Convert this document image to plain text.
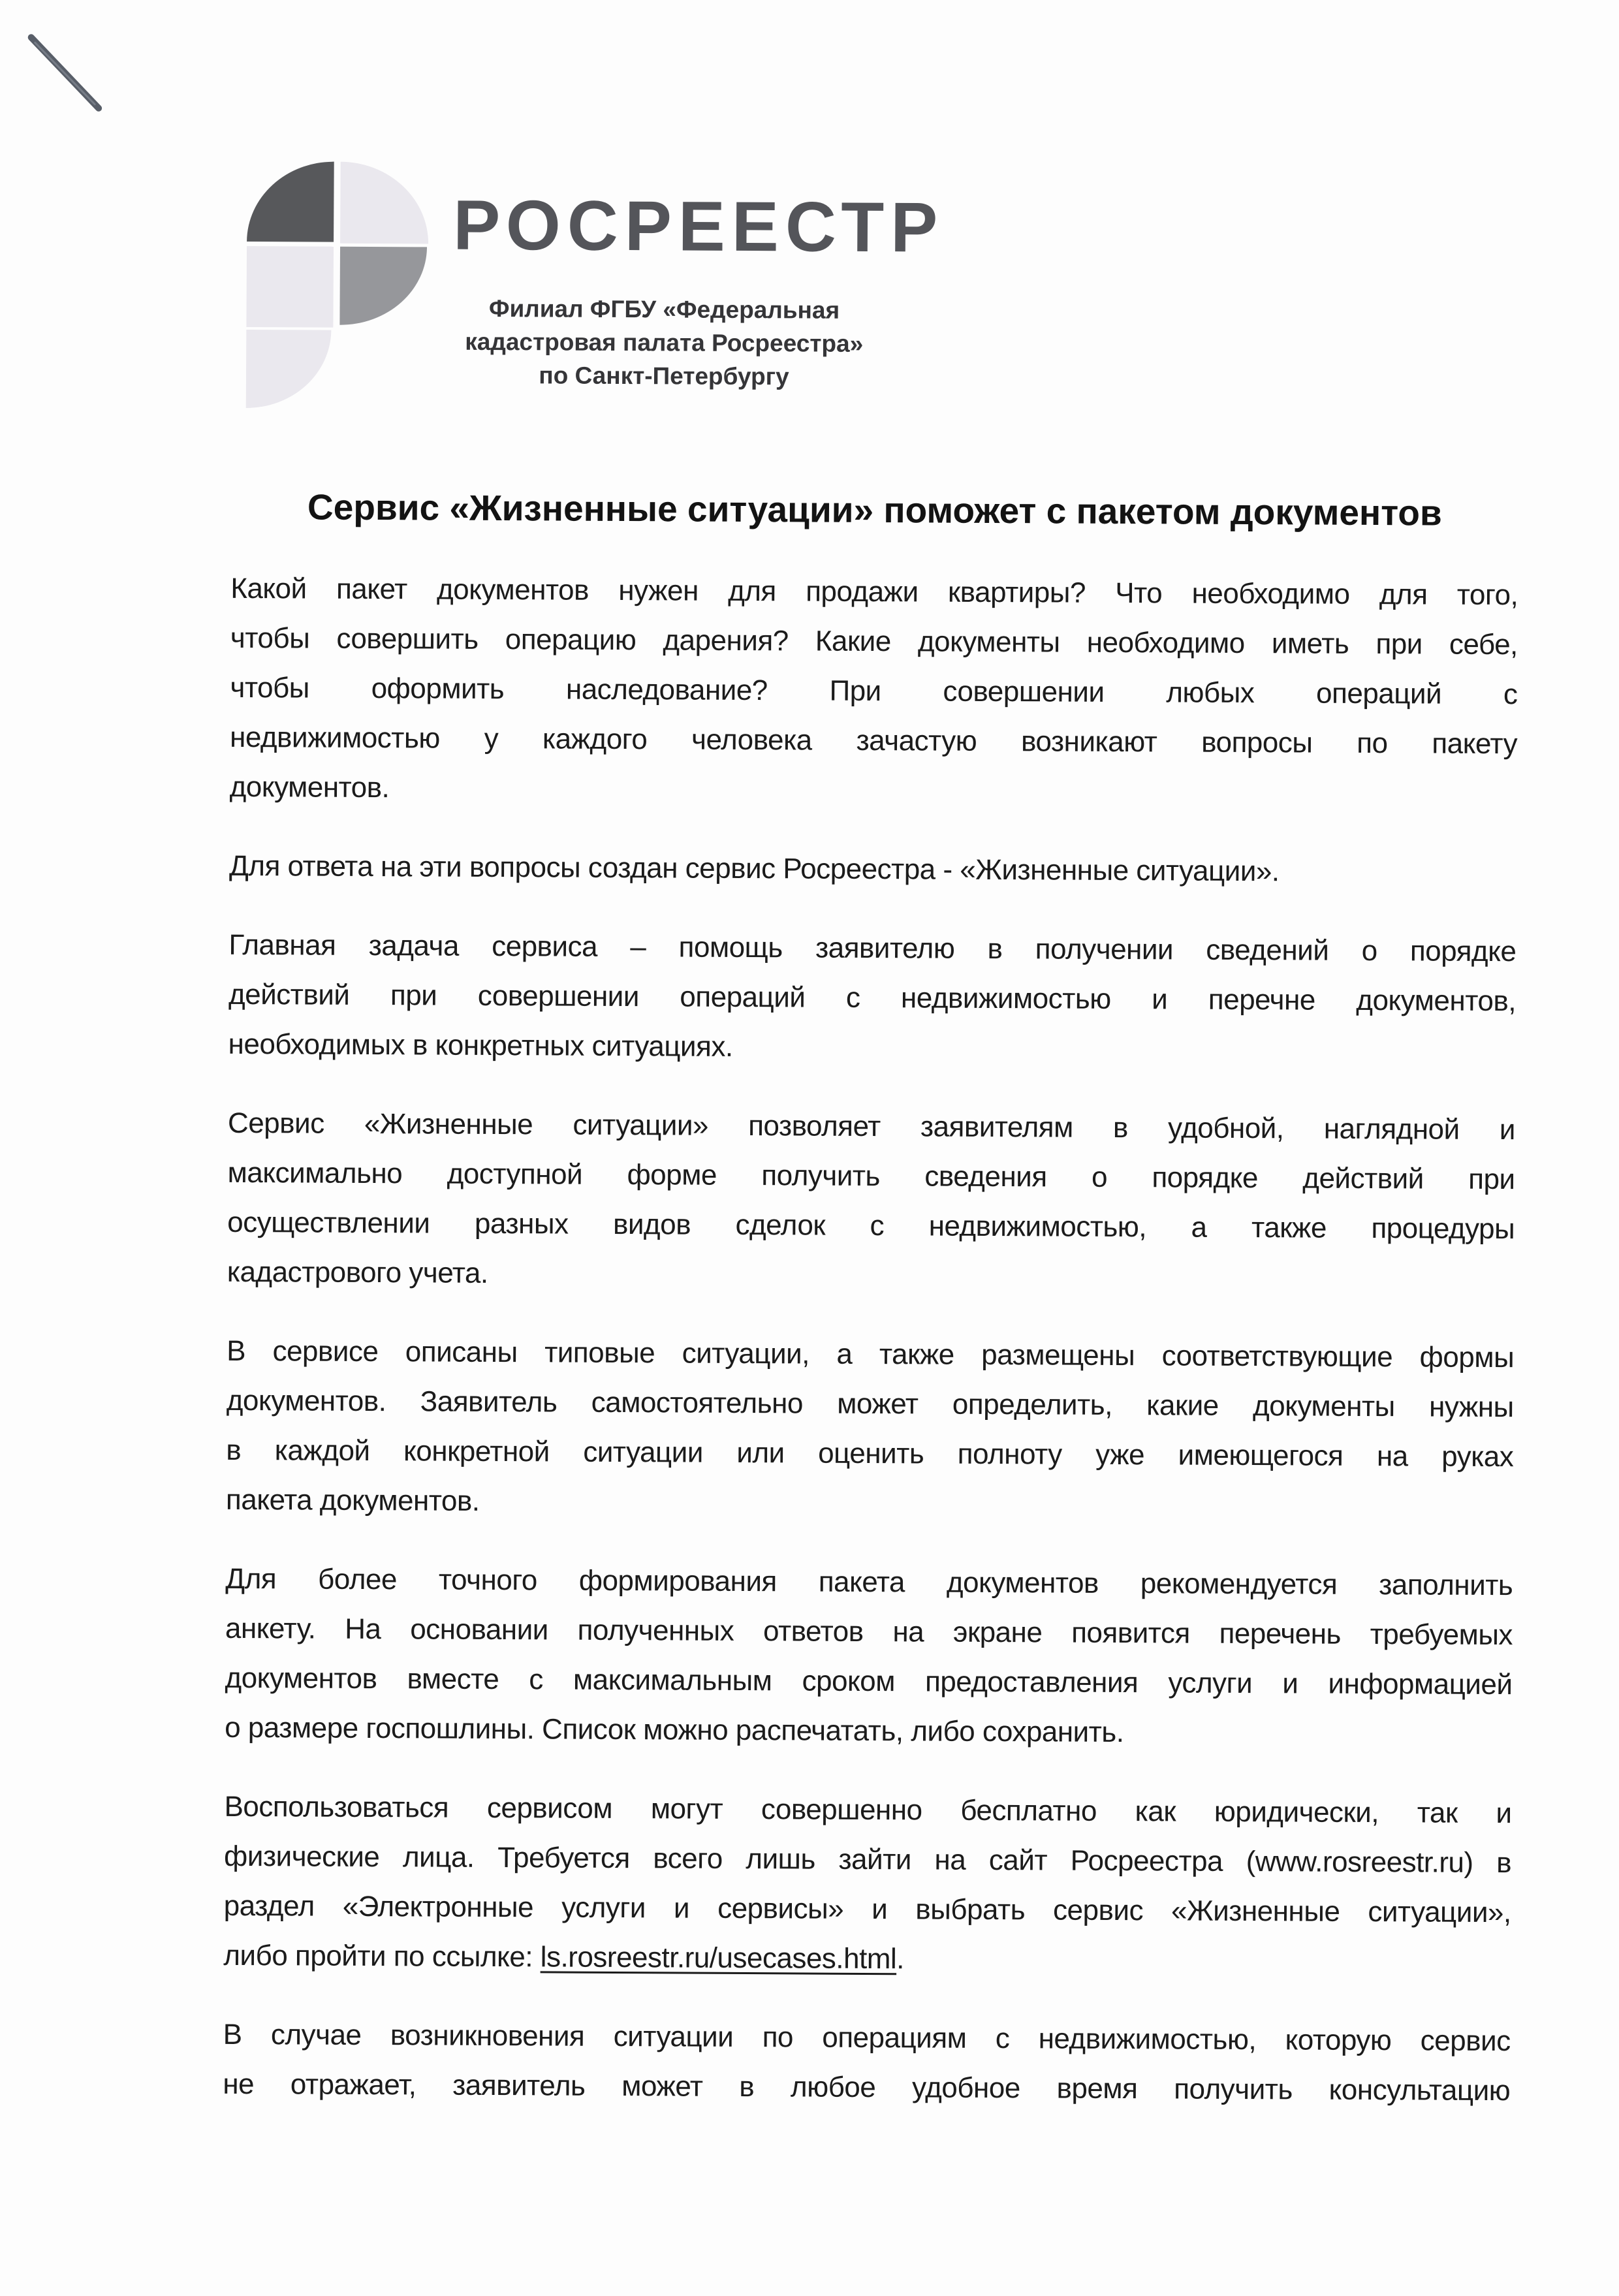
РОСРЕЕСТР
Филиал ФГБУ «Федеральная
кадастровая палата Росреестра»
по Санкт-Петербургу
Сервис «Жизненные ситуации» поможет с пакетом документов
Какой пакет документов нужен для продажи квартиры? Что необходимо для того,
чтобы совершить операцию дарения? Какие документы необходимо иметь при себе,
чтобы оформить наследование? При совершении любых операций с
недвижимостью у каждого человека зачастую возникают вопросы по пакету
документов.
Для ответа на эти вопросы создан сервис Росреестра - «Жизненные ситуации».
Главная задача сервиса – помощь заявителю в получении сведений о порядке
действий при совершении операций с недвижимостью и перечне документов,
необходимых в конкретных ситуациях.
Сервис «Жизненные ситуации» позволяет заявителям в удобной, наглядной и
максимально доступной форме получить сведения о порядке действий при
осуществлении разных видов сделок с недвижимостью, а также процедуры
кадастрового учета.
В сервисе описаны типовые ситуации, а также размещены соответствующие формы
документов. Заявитель самостоятельно может определить, какие документы нужны
в каждой конкретной ситуации или оценить полноту уже имеющегося на руках
пакета документов.
Для более точного формирования пакета документов рекомендуется заполнить
анкету. На основании полученных ответов на экране появится перечень требуемых
документов вместе с максимальным сроком предоставления услуги и информацией
о размере госпошлины. Список можно распечатать, либо сохранить.
Воспользоваться сервисом могут совершенно бесплатно как юридически, так и
физические лица. Требуется всего лишь зайти на сайт Росреестра (www.rosreestr.ru) в
раздел «Электронные услуги и сервисы» и выбрать сервис «Жизненные ситуации»,
либо пройти по ссылке: ls.rosreestr.ru/usecases.html.
В случае возникновения ситуации по операциям с недвижимостью, которую сервис
не отражает, заявитель может в любое удобное время получить консультацию
